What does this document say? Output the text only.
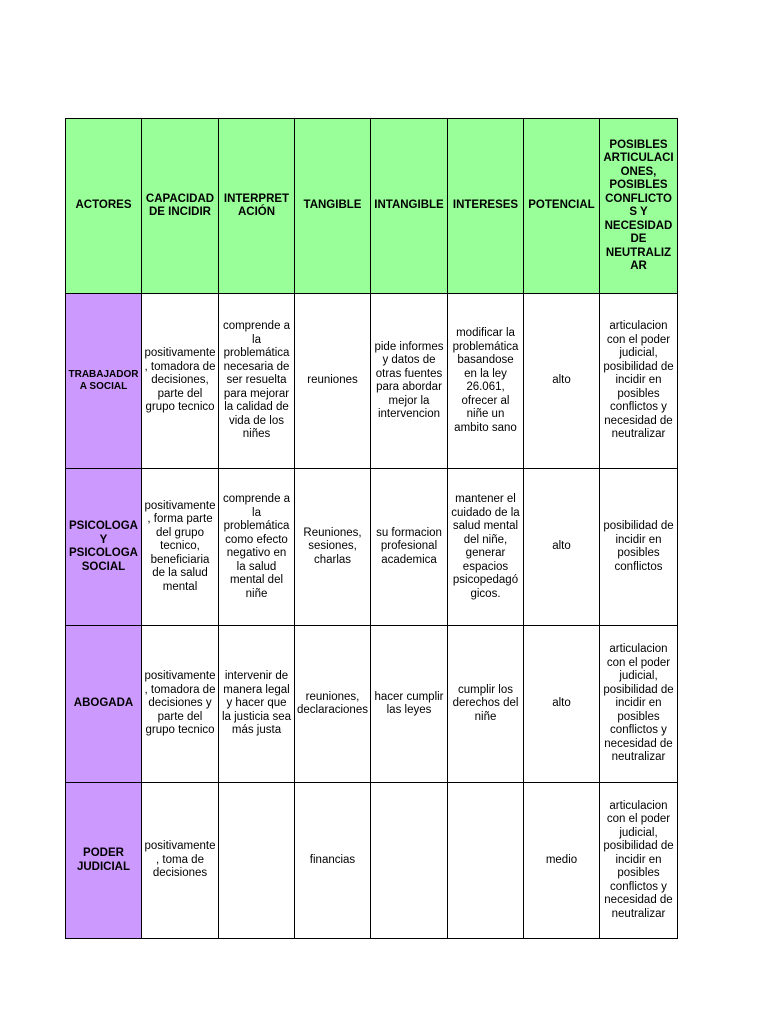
ACTORES	CAPACIDAD DE INCIDIR	INTERPRETACIÓN	TANGIBLE	INTANGIBLE	INTERESES	POTENCIAL	POSIBLES ARTICULACIONES, POSIBLES CONFLICTOS Y NECESIDAD DE NEUTRALIZAR
TRABAJADOR A SOCIAL	positivamente, tomadora de decisiones, parte del grupo tecnico	comprende a la problemática necesaria de ser resuelta para mejorar la calidad de vida de los niñes	reuniones	pide informes y datos de otras fuentes para abordar mejor la intervencion	modificar la problemática basandose en la ley 26.061, ofrecer al niñe un ambito sano	alto	articulacion con el poder judicial, posibilidad de incidir en posibles conflictos y necesidad de neutralizar
PSICOLOGA Y PSICOLOGA SOCIAL	positivamente, forma parte del grupo tecnico, beneficiaria de la salud mental	comprende a la problemática como efecto negativo en la salud mental del niñe	Reuniones, sesiones, charlas	su formacion profesional academica	mantener el cuidado de la salud mental del niñe, generar espacios psicopedagógicos.	alto	posibilidad de incidir en posibles conflictos
ABOGADA	positivamente, tomadora de decisiones y parte del grupo tecnico	intervenir de manera legal y hacer que la justicia sea más justa	reuniones, declaraciones	hacer cumplir las leyes	cumplir los derechos del niñe	alto	articulacion con el poder judicial, posibilidad de incidir en posibles conflictos y necesidad de neutralizar
PODER JUDICIAL	positivamente, toma de decisiones		financias			medio	articulacion con el poder judicial, posibilidad de incidir en posibles conflictos y necesidad de neutralizar
